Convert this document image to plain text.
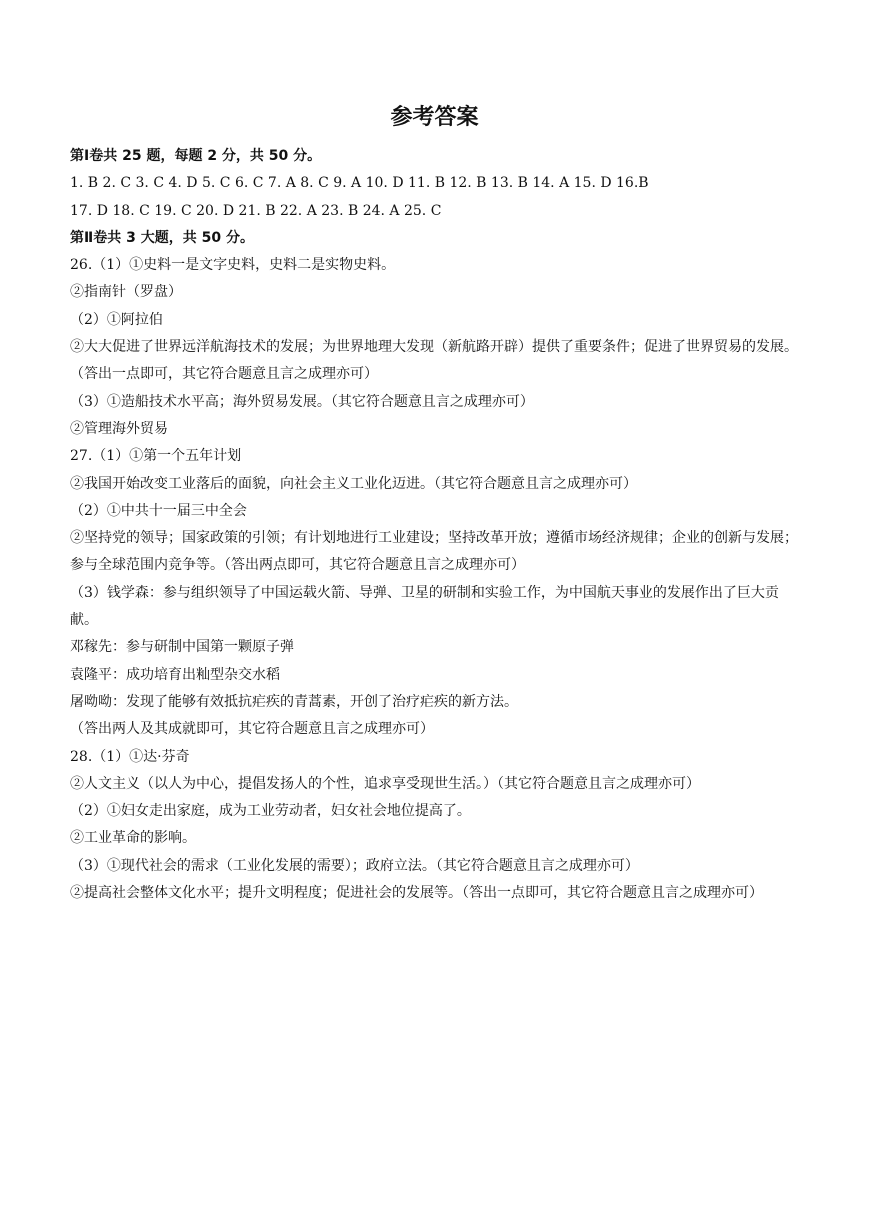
参考答案

第Ⅰ卷共 25 题，每题 2 分，共 50 分。

1. B 2. C 3. C 4. D 5. C 6. C 7. A 8. C 9. A 10. D 11. B 12. B 13. B 14. A 15. D 16.B

17. D 18. C 19. C 20. D 21. B 22. A 23. B 24. A 25. C

第Ⅱ卷共 3 大题，共 50 分。

26.（1）①史料一是文字史料，史料二是实物史料。

②指南针（罗盘）

（2）①阿拉伯

②大大促进了世界远洋航海技术的发展；为世界地理大发现（新航路开辟）提供了重要条件；促进了世界贸易的发展。（答出一点即可，其它符合题意且言之成理亦可）

（3）①造船技术水平高；海外贸易发展。（其它符合题意且言之成理亦可）

②管理海外贸易

27.（1）①第一个五年计划

②我国开始改变工业落后的面貌，向社会主义工业化迈进。（其它符合题意且言之成理亦可）

（2）①中共十一届三中全会

②坚持党的领导；国家政策的引领；有计划地进行工业建设；坚持改革开放；遵循市场经济规律；企业的创新与发展；参与全球范围内竞争等。（答出两点即可，其它符合题意且言之成理亦可）

（3）钱学森：参与组织领导了中国运载火箭、导弹、卫星的研制和实验工作，为中国航天事业的发展作出了巨大贡献。

邓稼先：参与研制中国第一颗原子弹

袁隆平：成功培育出籼型杂交水稻

屠呦呦：发现了能够有效抵抗疟疾的青蒿素，开创了治疗疟疾的新方法。

（答出两人及其成就即可，其它符合题意且言之成理亦可）

28.（1）①达·芬奇

②人文主义（以人为中心，提倡发扬人的个性，追求享受现世生活。）（其它符合题意且言之成理亦可）

（2）①妇女走出家庭，成为工业劳动者，妇女社会地位提高了。

②工业革命的影响。

（3）①现代社会的需求（工业化发展的需要）；政府立法。（其它符合题意且言之成理亦可）

②提高社会整体文化水平；提升文明程度；促进社会的发展等。（答出一点即可，其它符合题意且言之成理亦可）
